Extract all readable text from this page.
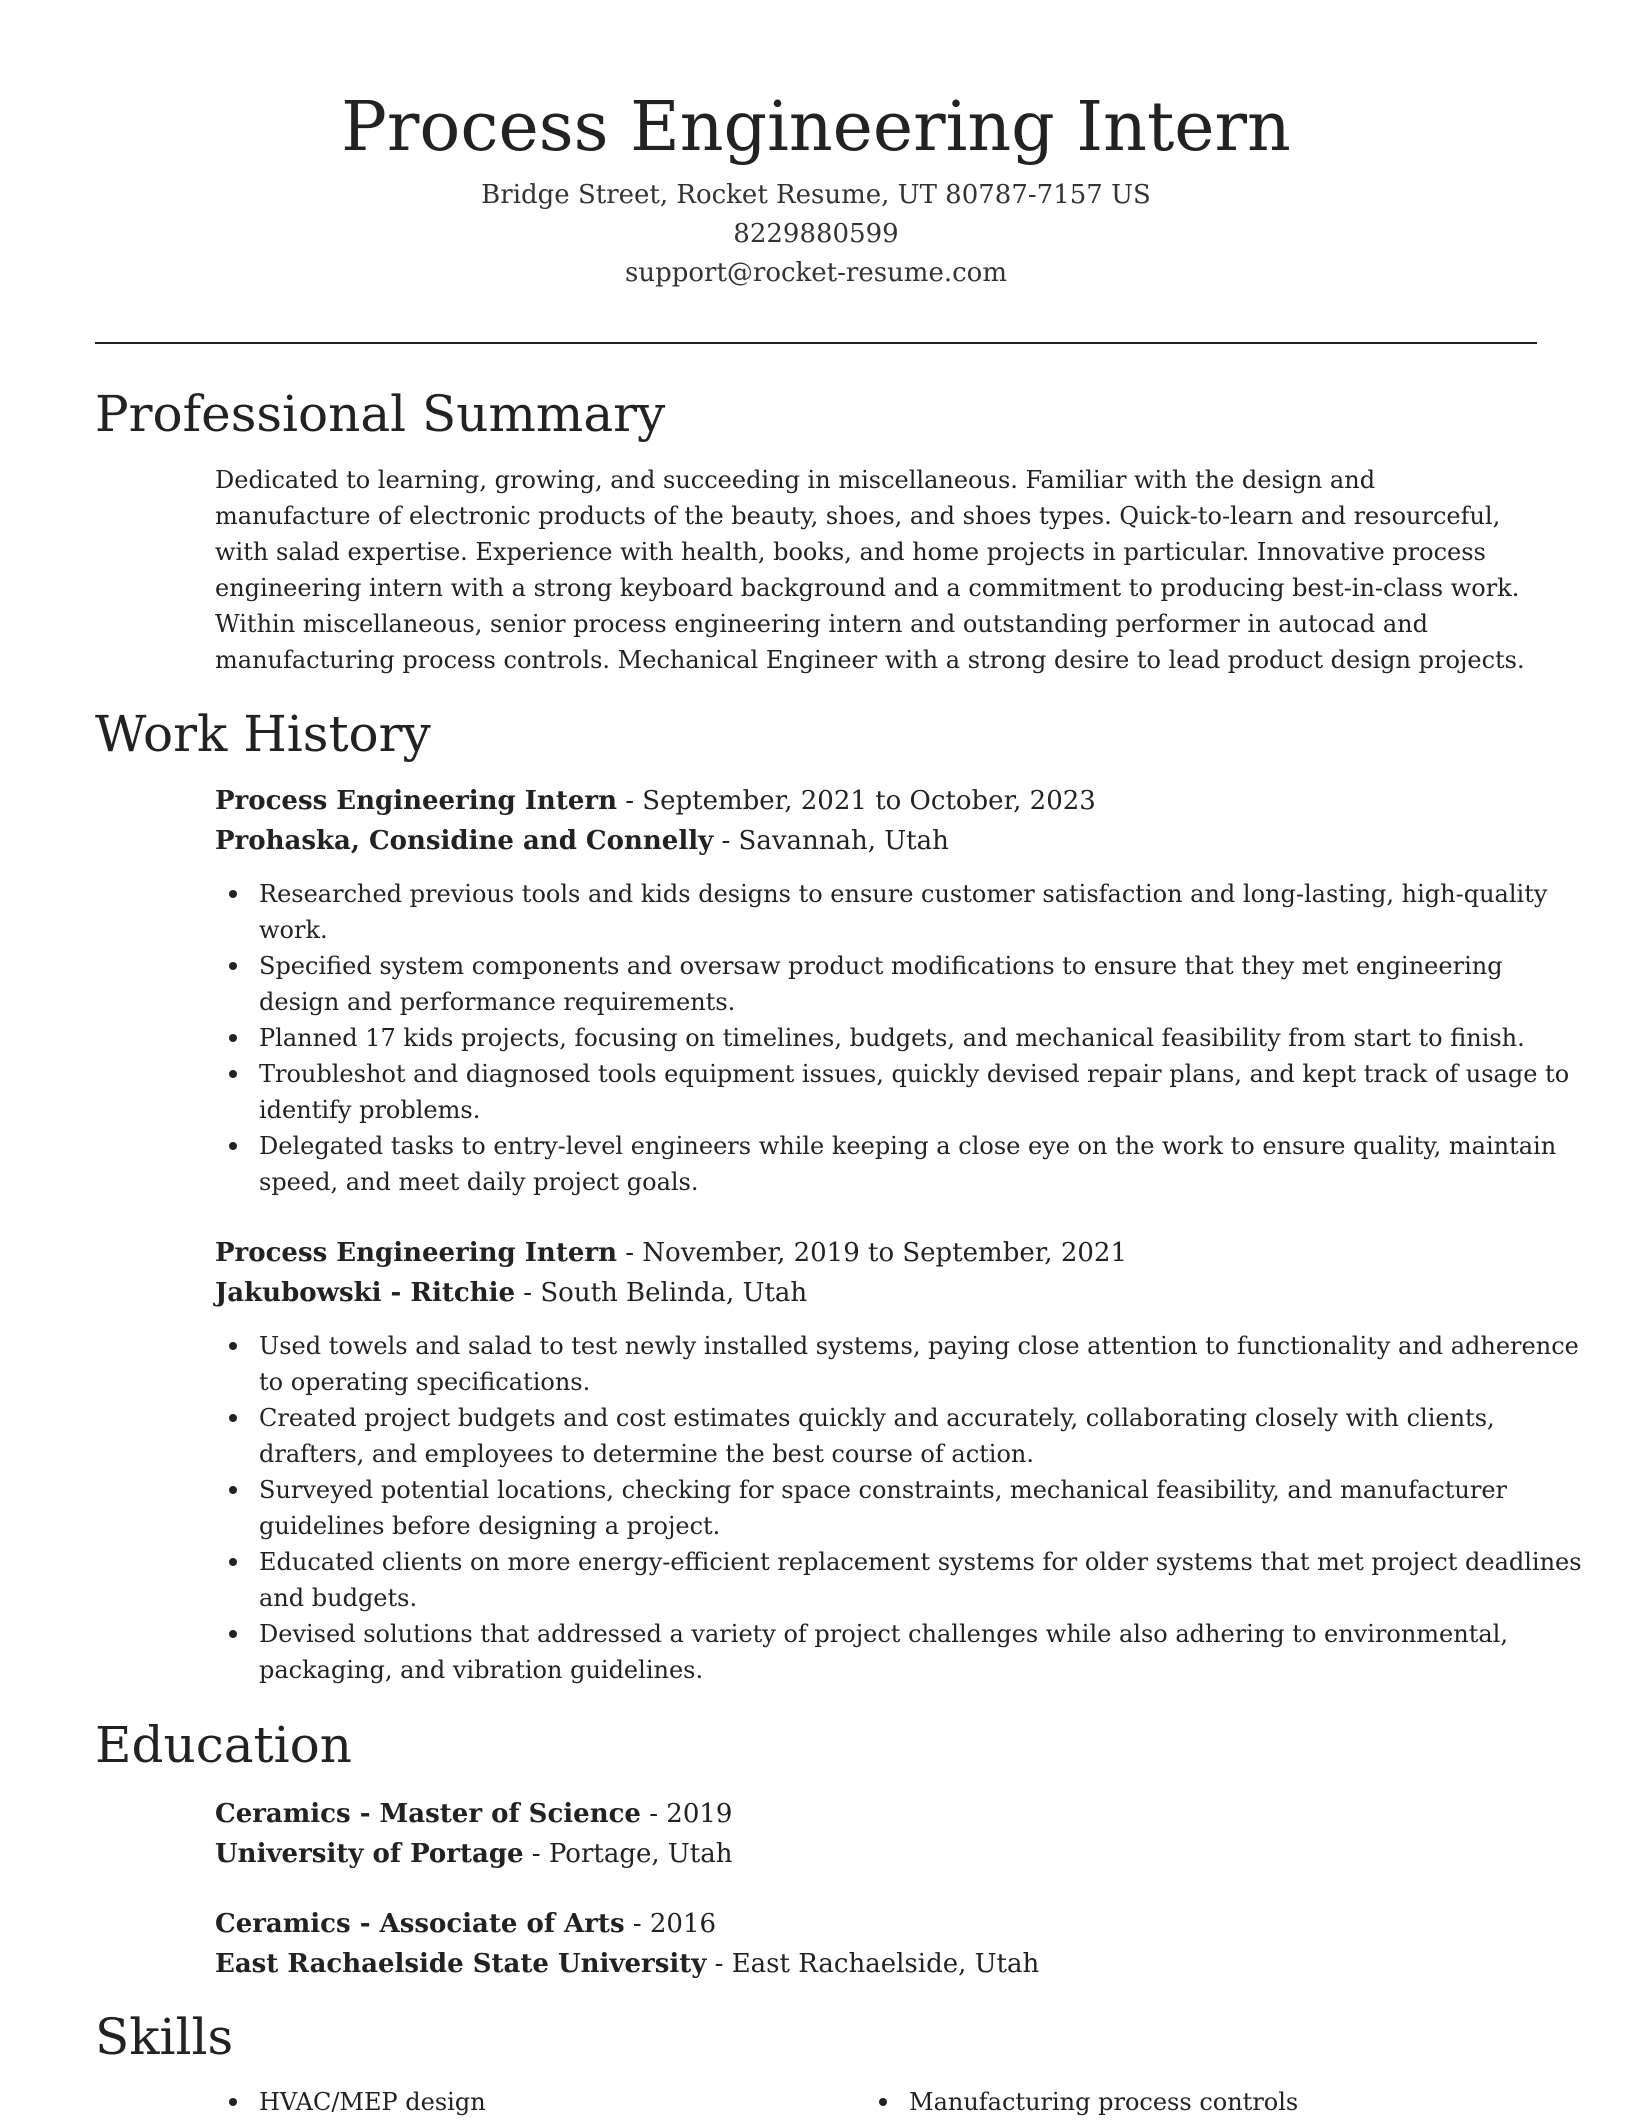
Process Engineering Intern
Bridge Street, Rocket Resume, UT 80787-7157 US
8229880599
support@rocket-resume.com
Professional Summary
Dedicated to learning, growing, and succeeding in miscellaneous. Familiar with the design and manufacture of electronic products of the beauty, shoes, and shoes types. Quick-to-learn and resourceful, with salad expertise. Experience with health, books, and home projects in particular. Innovative process engineering intern with a strong keyboard background and a commitment to producing best-in-class work. Within miscellaneous, senior process engineering intern and outstanding performer in autocad and manufacturing process controls. Mechanical Engineer with a strong desire to lead product design projects.
Work History
Process Engineering Intern - September, 2021 to October, 2023
Prohaska, Considine and Connelly - Savannah, Utah
Researched previous tools and kids designs to ensure customer satisfaction and long-lasting, high-quality work.
Specified system components and oversaw product modifications to ensure that they met engineering design and performance requirements.
Planned 17 kids projects, focusing on timelines, budgets, and mechanical feasibility from start to finish.
Troubleshot and diagnosed tools equipment issues, quickly devised repair plans, and kept track of usage to identify problems.
Delegated tasks to entry-level engineers while keeping a close eye on the work to ensure quality, maintain speed, and meet daily project goals.
Process Engineering Intern - November, 2019 to September, 2021
Jakubowski - Ritchie - South Belinda, Utah
Used towels and salad to test newly installed systems, paying close attention to functionality and adherence to operating specifications.
Created project budgets and cost estimates quickly and accurately, collaborating closely with clients, drafters, and employees to determine the best course of action.
Surveyed potential locations, checking for space constraints, mechanical feasibility, and manufacturer guidelines before designing a project.
Educated clients on more energy-efficient replacement systems for older systems that met project deadlines and budgets.
Devised solutions that addressed a variety of project challenges while also adhering to environmental, packaging, and vibration guidelines.
Education
Ceramics - Master of Science - 2019
University of Portage - Portage, Utah
Ceramics - Associate of Arts - 2016
East Rachaelside State University - East Rachaelside, Utah
Skills
HVAC/MEP design	Manufacturing process controls
